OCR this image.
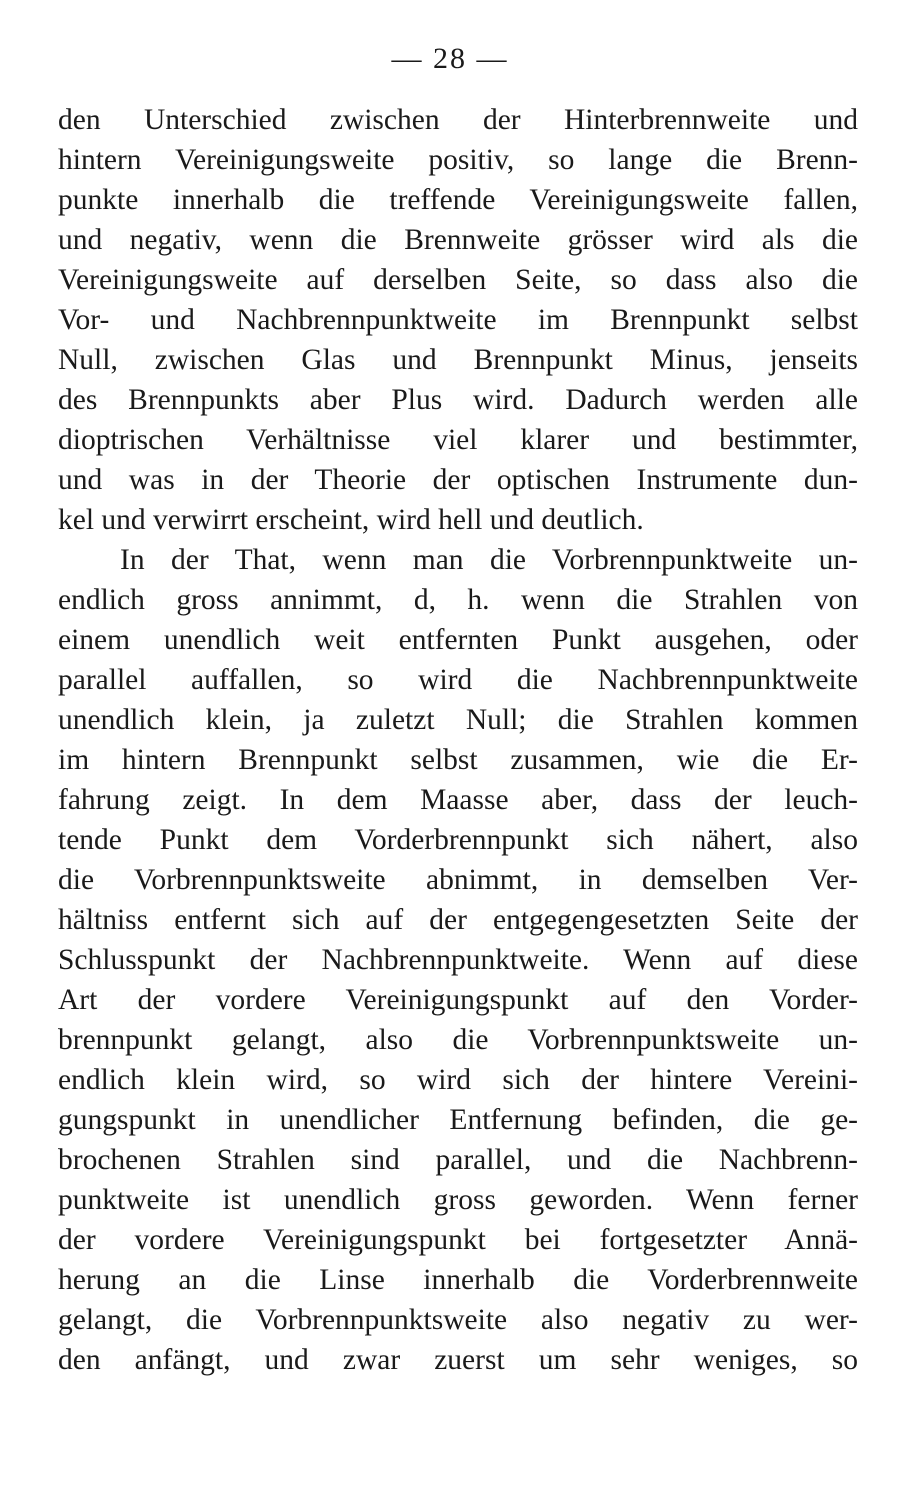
— 28 —
den Unterschied zwischen der Hinterbrennweite und
hintern Vereinigungsweite positiv, so lange die Brenn-
punkte innerhalb die treffende Vereinigungsweite fallen,
und negativ, wenn die Brennweite grösser wird als die
Vereinigungsweite auf derselben Seite, so dass also die
Vor- und Nachbrennpunktweite im Brennpunkt selbst
Null, zwischen Glas und Brennpunkt Minus, jenseits
des Brennpunkts aber Plus wird. Dadurch werden alle
dioptrischen Verhältnisse viel klarer und bestimmter,
und was in der Theorie der optischen Instrumente dun-
kel und verwirrt erscheint, wird hell und deutlich.
In der That, wenn man die Vorbrennpunktweite un-
endlich gross annimmt, d, h. wenn die Strahlen von
einem unendlich weit entfernten Punkt ausgehen, oder
parallel auffallen, so wird die Nachbrennpunktweite
unendlich klein, ja zuletzt Null; die Strahlen kommen
im hintern Brennpunkt selbst zusammen, wie die Er-
fahrung zeigt. In dem Maasse aber, dass der leuch-
tende Punkt dem Vorderbrennpunkt sich nähert, also
die Vorbrennpunktsweite abnimmt, in demselben Ver-
hältniss entfernt sich auf der entgegengesetzten Seite der
Schlusspunkt der Nachbrennpunktweite. Wenn auf diese
Art der vordere Vereinigungspunkt auf den Vorder-
brennpunkt gelangt, also die Vorbrennpunktsweite un-
endlich klein wird, so wird sich der hintere Vereini-
gungspunkt in unendlicher Entfernung befinden, die ge-
brochenen Strahlen sind parallel, und die Nachbrenn-
punktweite ist unendlich gross geworden. Wenn ferner
der vordere Vereinigungspunkt bei fortgesetzter Annä-
herung an die Linse innerhalb die Vorderbrennweite
gelangt, die Vorbrennpunktsweite also negativ zu wer-
den anfängt, und zwar zuerst um sehr weniges, so
